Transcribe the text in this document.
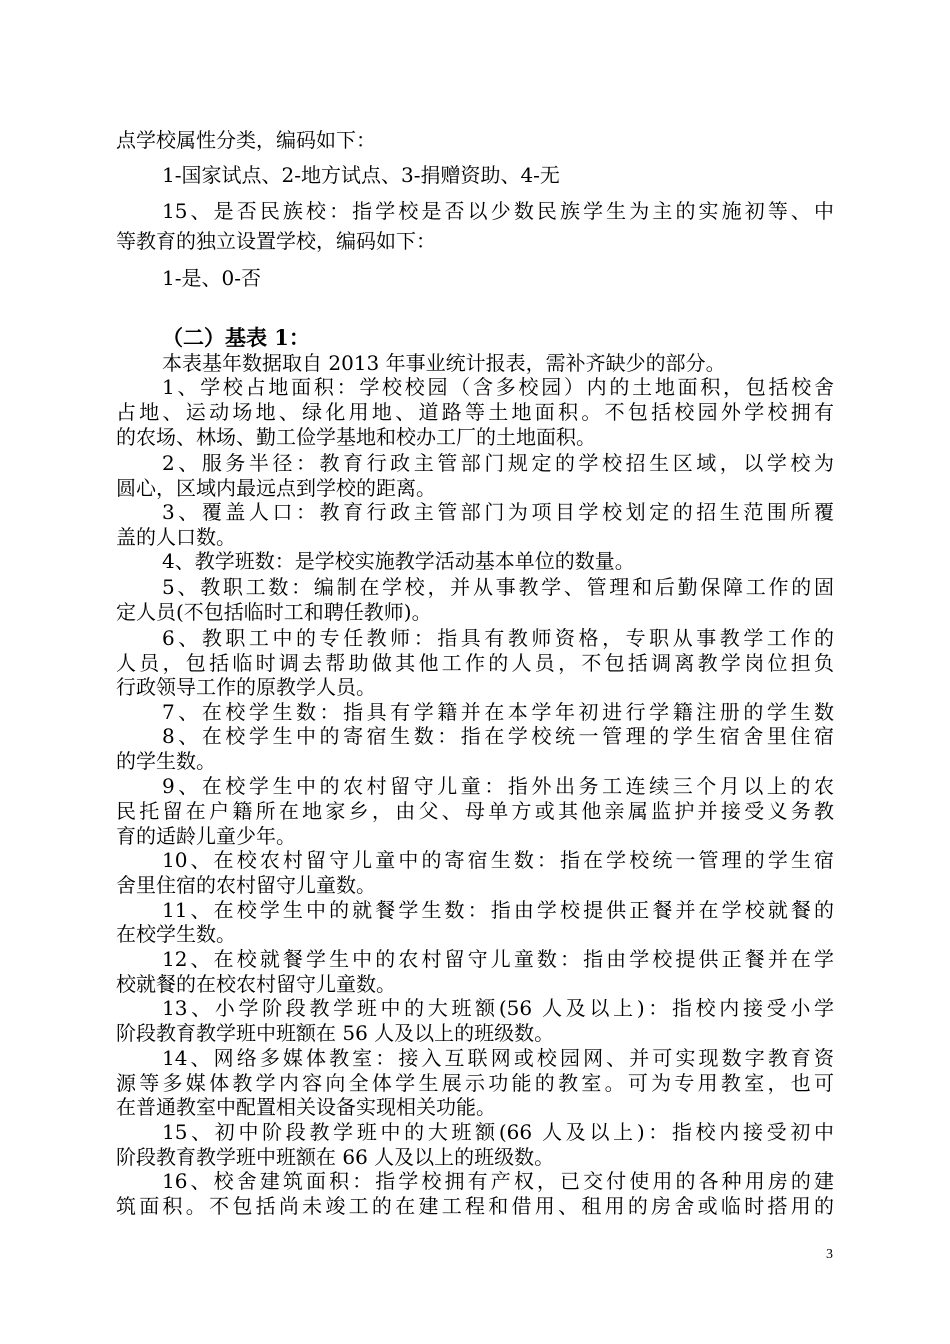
点学校属性分类，编码如下：
1-国家试点、2-地方试点、3-捐赠资助、4-无
15、是否民族校：指学校是否以少数民族学生为主的实施初等、中
等教育的独立设置学校，编码如下：
1-是、0-否
（二）基表 1：
本表基年数据取自 2013 年事业统计报表，需补齐缺少的部分。
1、学校占地面积：学校校园（含多校园）内的土地面积，包括校舍
占地、运动场地、绿化用地、道路等土地面积。不包括校园外学校拥有
的农场、林场、勤工俭学基地和校办工厂的土地面积。
2、服务半径：教育行政主管部门规定的学校招生区域，以学校为
圆心，区域内最远点到学校的距离。
3、覆盖人口：教育行政主管部门为项目学校划定的招生范围所覆
盖的人口数。
4、教学班数：是学校实施教学活动基本单位的数量。
5、教职工数：编制在学校，并从事教学、管理和后勤保障工作的固
定人员(不包括临时工和聘任教师)。
6、教职工中的专任教师：指具有教师资格，专职从事教学工作的
人员，包括临时调去帮助做其他工作的人员，不包括调离教学岗位担负
行政领导工作的原教学人员。
7、在校学生数：指具有学籍并在本学年初进行学籍注册的学生数
8、在校学生中的寄宿生数：指在学校统一管理的学生宿舍里住宿
的学生数。
9、在校学生中的农村留守儿童：指外出务工连续三个月以上的农
民托留在户籍所在地家乡，由父、母单方或其他亲属监护并接受义务教
育的适龄儿童少年。
10、在校农村留守儿童中的寄宿生数：指在学校统一管理的学生宿
舍里住宿的农村留守儿童数。
11、在校学生中的就餐学生数：指由学校提供正餐并在学校就餐的
在校学生数。
12、在校就餐学生中的农村留守儿童数：指由学校提供正餐并在学
校就餐的在校农村留守儿童数。
13、小学阶段教学班中的大班额(56 人及以上)：指校内接受小学
阶段教育教学班中班额在 56 人及以上的班级数。
14、网络多媒体教室：接入互联网或校园网、并可实现数字教育资
源等多媒体教学内容向全体学生展示功能的教室。可为专用教室，也可
在普通教室中配置相关设备实现相关功能。
15、初中阶段教学班中的大班额(66 人及以上)：指校内接受初中
阶段教育教学班中班额在 66 人及以上的班级数。
16、校舍建筑面积：指学校拥有产权，已交付使用的各种用房的建
筑面积。不包括尚未竣工的在建工程和借用、租用的房舍或临时搭用的
3
